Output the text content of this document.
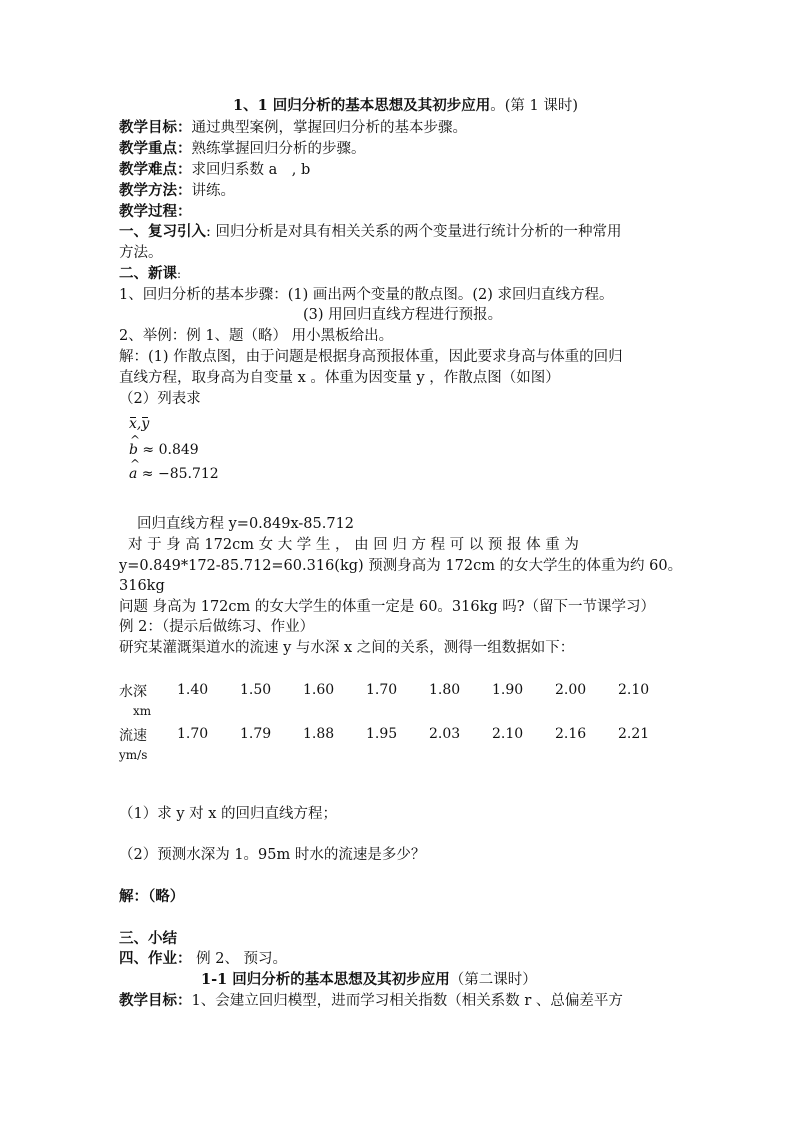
1、1 回归分析的基本思想及其初步应用。(第 1 课时)
教学目标：通过典型案例，掌握回归分析的基本步骤。
教学重点：熟练掌握回归分析的步骤。
教学难点：求回归系数 a　, b
教学方法：讲练。
教学过程：
一、复习引入: 回归分析是对具有相关关系的两个变量进行统计分析的一种常用
方法。
二、新课:
1、回归分析的基本步骤：(1) 画出两个变量的散点图。(2) 求回归直线方程。
(3) 用回归直线方程进行预报。
2、举例：例 1、题（略） 用小黑板给出。
解：(1) 作散点图，由于问题是根据身高预报体重，因此要求身高与体重的回归
直线方程，取身高为自变量 x 。体重为因变量 y ，作散点图（如图）
（2）列表求
x,y
^ b ≈ 0.849
^ a ≈ −85.712
回归直线方程 y=0.849x-85.712
对 于 身 高 172cm 女 大 学 生 ， 由 回 归 方 程 可 以 预 报 体 重 为
y=0.849*172-85.712=60.316(kg) 预测身高为 172cm 的女大学生的体重为约 60。
316kg
问题 身高为 172cm 的女大学生的体重一定是 60。316kg 吗?（留下一节课学习）
例 2：（提示后做练习、作业）
研究某灌溉渠道水的流速 y 与水深 x 之间的关系，测得一组数据如下：
水深
xm	1.40	1.50	1.60	1.70	1.80	1.90	2.00	2.10

流速
ym/s	1.70	1.79	1.88	1.95	2.03	2.10	2.16	2.21
（1）求 y 对 x 的回归直线方程；
（2）预测水深为 1。95m 时水的流速是多少？
解：（略）
三、小结
四、作业： 例 2、 预习。
1-1 回归分析的基本思想及其初步应用（第二课时）
教学目标：1、会建立回归模型，进而学习相关指数（相关系数 r 、总偏差平方
